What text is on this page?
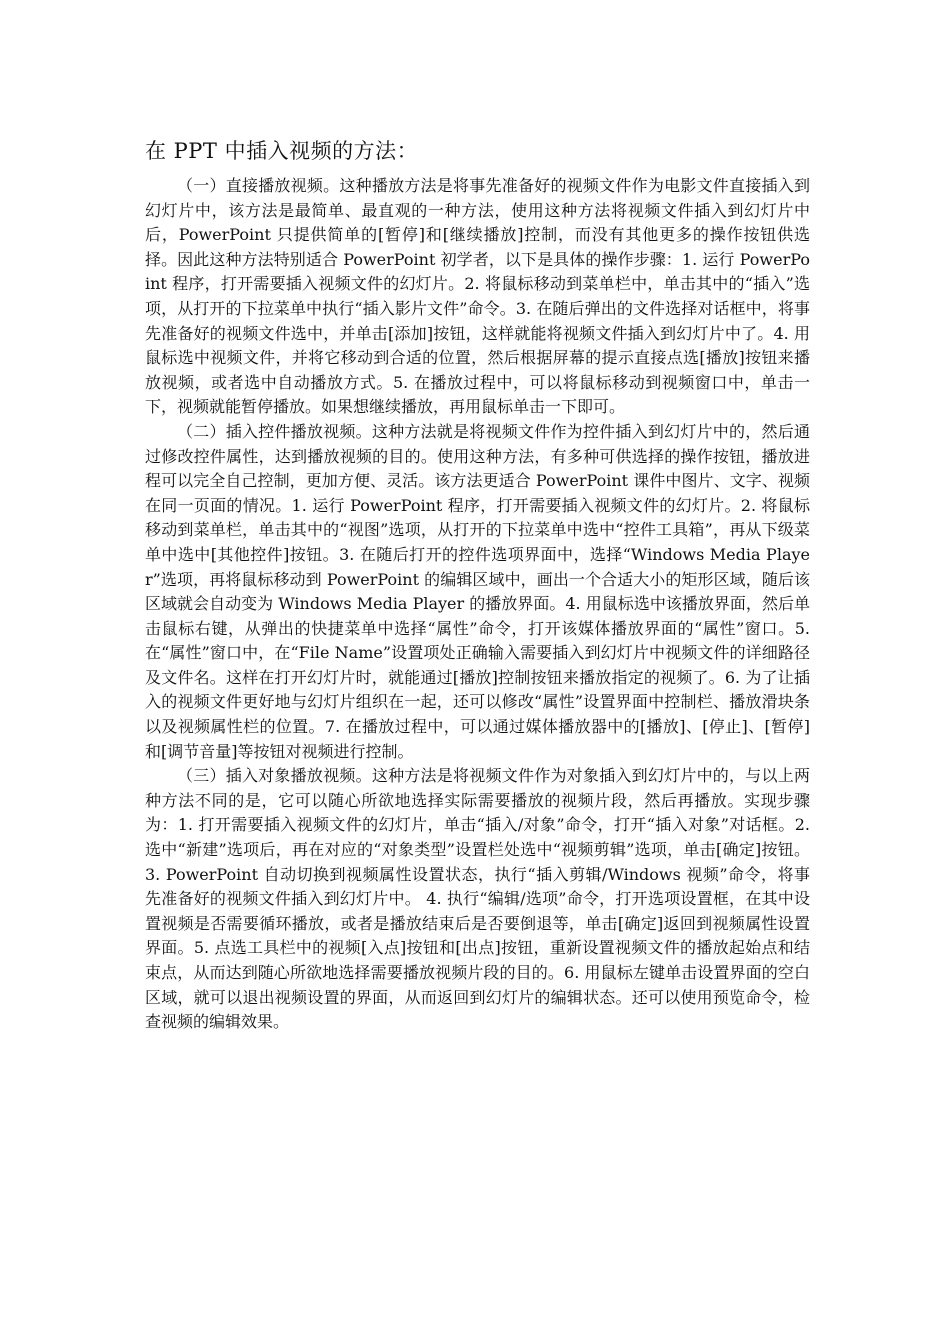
在 PPT 中插入视频的方法：

（一）直接播放视频。这种播放方法是将事先准备好的视频文件作为电影文件直接插入到幻灯片中，该方法是最简单、最直观的一种方法，使用这种方法将视频文件插入到幻灯片中后，PowerPoint 只提供简单的[暂停]和[继续播放]控制，而没有其他更多的操作按钮供选择。因此这种方法特别适合 PowerPoint 初学者，以下是具体的操作步骤：1. 运行 PowerPoint 程序，打开需要插入视频文件的幻灯片。2. 将鼠标移动到菜单栏中，单击其中的“插入”选项，从打开的下拉菜单中执行“插入影片文件”命令。3. 在随后弹出的文件选择对话框中，将事先准备好的视频文件选中，并单击[添加]按钮，这样就能将视频文件插入到幻灯片中了。4. 用鼠标选中视频文件，并将它移动到合适的位置，然后根据屏幕的提示直接点选[播放]按钮来播放视频，或者选中自动播放方式。5. 在播放过程中，可以将鼠标移动到视频窗口中，单击一下，视频就能暂停播放。如果想继续播放，再用鼠标单击一下即可。

（二）插入控件播放视频。这种方法就是将视频文件作为控件插入到幻灯片中的，然后通过修改控件属性，达到播放视频的目的。使用这种方法，有多种可供选择的操作按钮，播放进程可以完全自己控制，更加方便、灵活。该方法更适合 PowerPoint 课件中图片、文字、视频在同一页面的情况。1. 运行 PowerPoint 程序，打开需要插入视频文件的幻灯片。2. 将鼠标移动到菜单栏，单击其中的“视图”选项，从打开的下拉菜单中选中“控件工具箱”，再从下级菜单中选中[其他控件]按钮。3. 在随后打开的控件选项界面中，选择“Windows Media Player”选项，再将鼠标移动到 PowerPoint 的编辑区域中，画出一个合适大小的矩形区域，随后该区域就会自动变为 Windows Media Player 的播放界面。4. 用鼠标选中该播放界面，然后单击鼠标右键，从弹出的快捷菜单中选择“属性”命令，打开该媒体播放界面的“属性”窗口。5. 在“属性”窗口中，在“File Name”设置项处正确输入需要插入到幻灯片中视频文件的详细路径及文件名。这样在打开幻灯片时，就能通过[播放]控制按钮来播放指定的视频了。6. 为了让插入的视频文件更好地与幻灯片组织在一起，还可以修改“属性”设置界面中控制栏、播放滑块条以及视频属性栏的位置。7. 在播放过程中，可以通过媒体播放器中的[播放]、[停止]、[暂停]和[调节音量]等按钮对视频进行控制。

（三）插入对象播放视频。这种方法是将视频文件作为对象插入到幻灯片中的，与以上两种方法不同的是，它可以随心所欲地选择实际需要播放的视频片段，然后再播放。实现步骤为：1. 打开需要插入视频文件的幻灯片，单击“插入/对象”命令，打开“插入对象”对话框。2. 选中“新建”选项后，再在对应的“对象类型”设置栏处选中“视频剪辑”选项，单击[确定]按钮。3. PowerPoint 自动切换到视频属性设置状态，执行“插入剪辑/Windows 视频”命令，将事先准备好的视频文件插入到幻灯片中。 4. 执行“编辑/选项”命令，打开选项设置框，在其中设置视频是否需要循环播放，或者是播放结束后是否要倒退等，单击[确定]返回到视频属性设置界面。5. 点选工具栏中的视频[入点]按钮和[出点]按钮，重新设置视频文件的播放起始点和结束点，从而达到随心所欲地选择需要播放视频片段的目的。6. 用鼠标左键单击设置界面的空白区域，就可以退出视频设置的界面，从而返回到幻灯片的编辑状态。还可以使用预览命令，检查视频的编辑效果。
